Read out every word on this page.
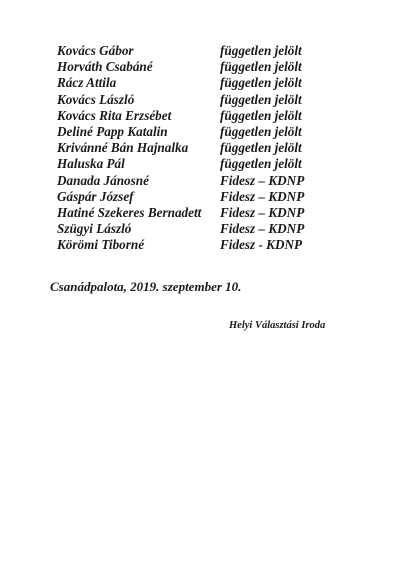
Kovács Gábor	független jelölt
Horváth Csabáné	független jelölt
Rácz Attila	független jelölt
Kovács László	független jelölt
Kovács Rita Erzsébet	független jelölt
Deliné Papp Katalin	független jelölt
Krivánné Bán Hajnalka	független jelölt
Haluska Pál	független jelölt
Danada Jánosné	Fidesz – KDNP
Gáspár József	Fidesz – KDNP
Hatiné Szekeres Bernadett	Fidesz – KDNP
Szügyi László	Fidesz – KDNP
Körömi Tiborné	Fidesz - KDNP
Csanádpalota, 2019. szeptember 10.
Helyi Választási Iroda
